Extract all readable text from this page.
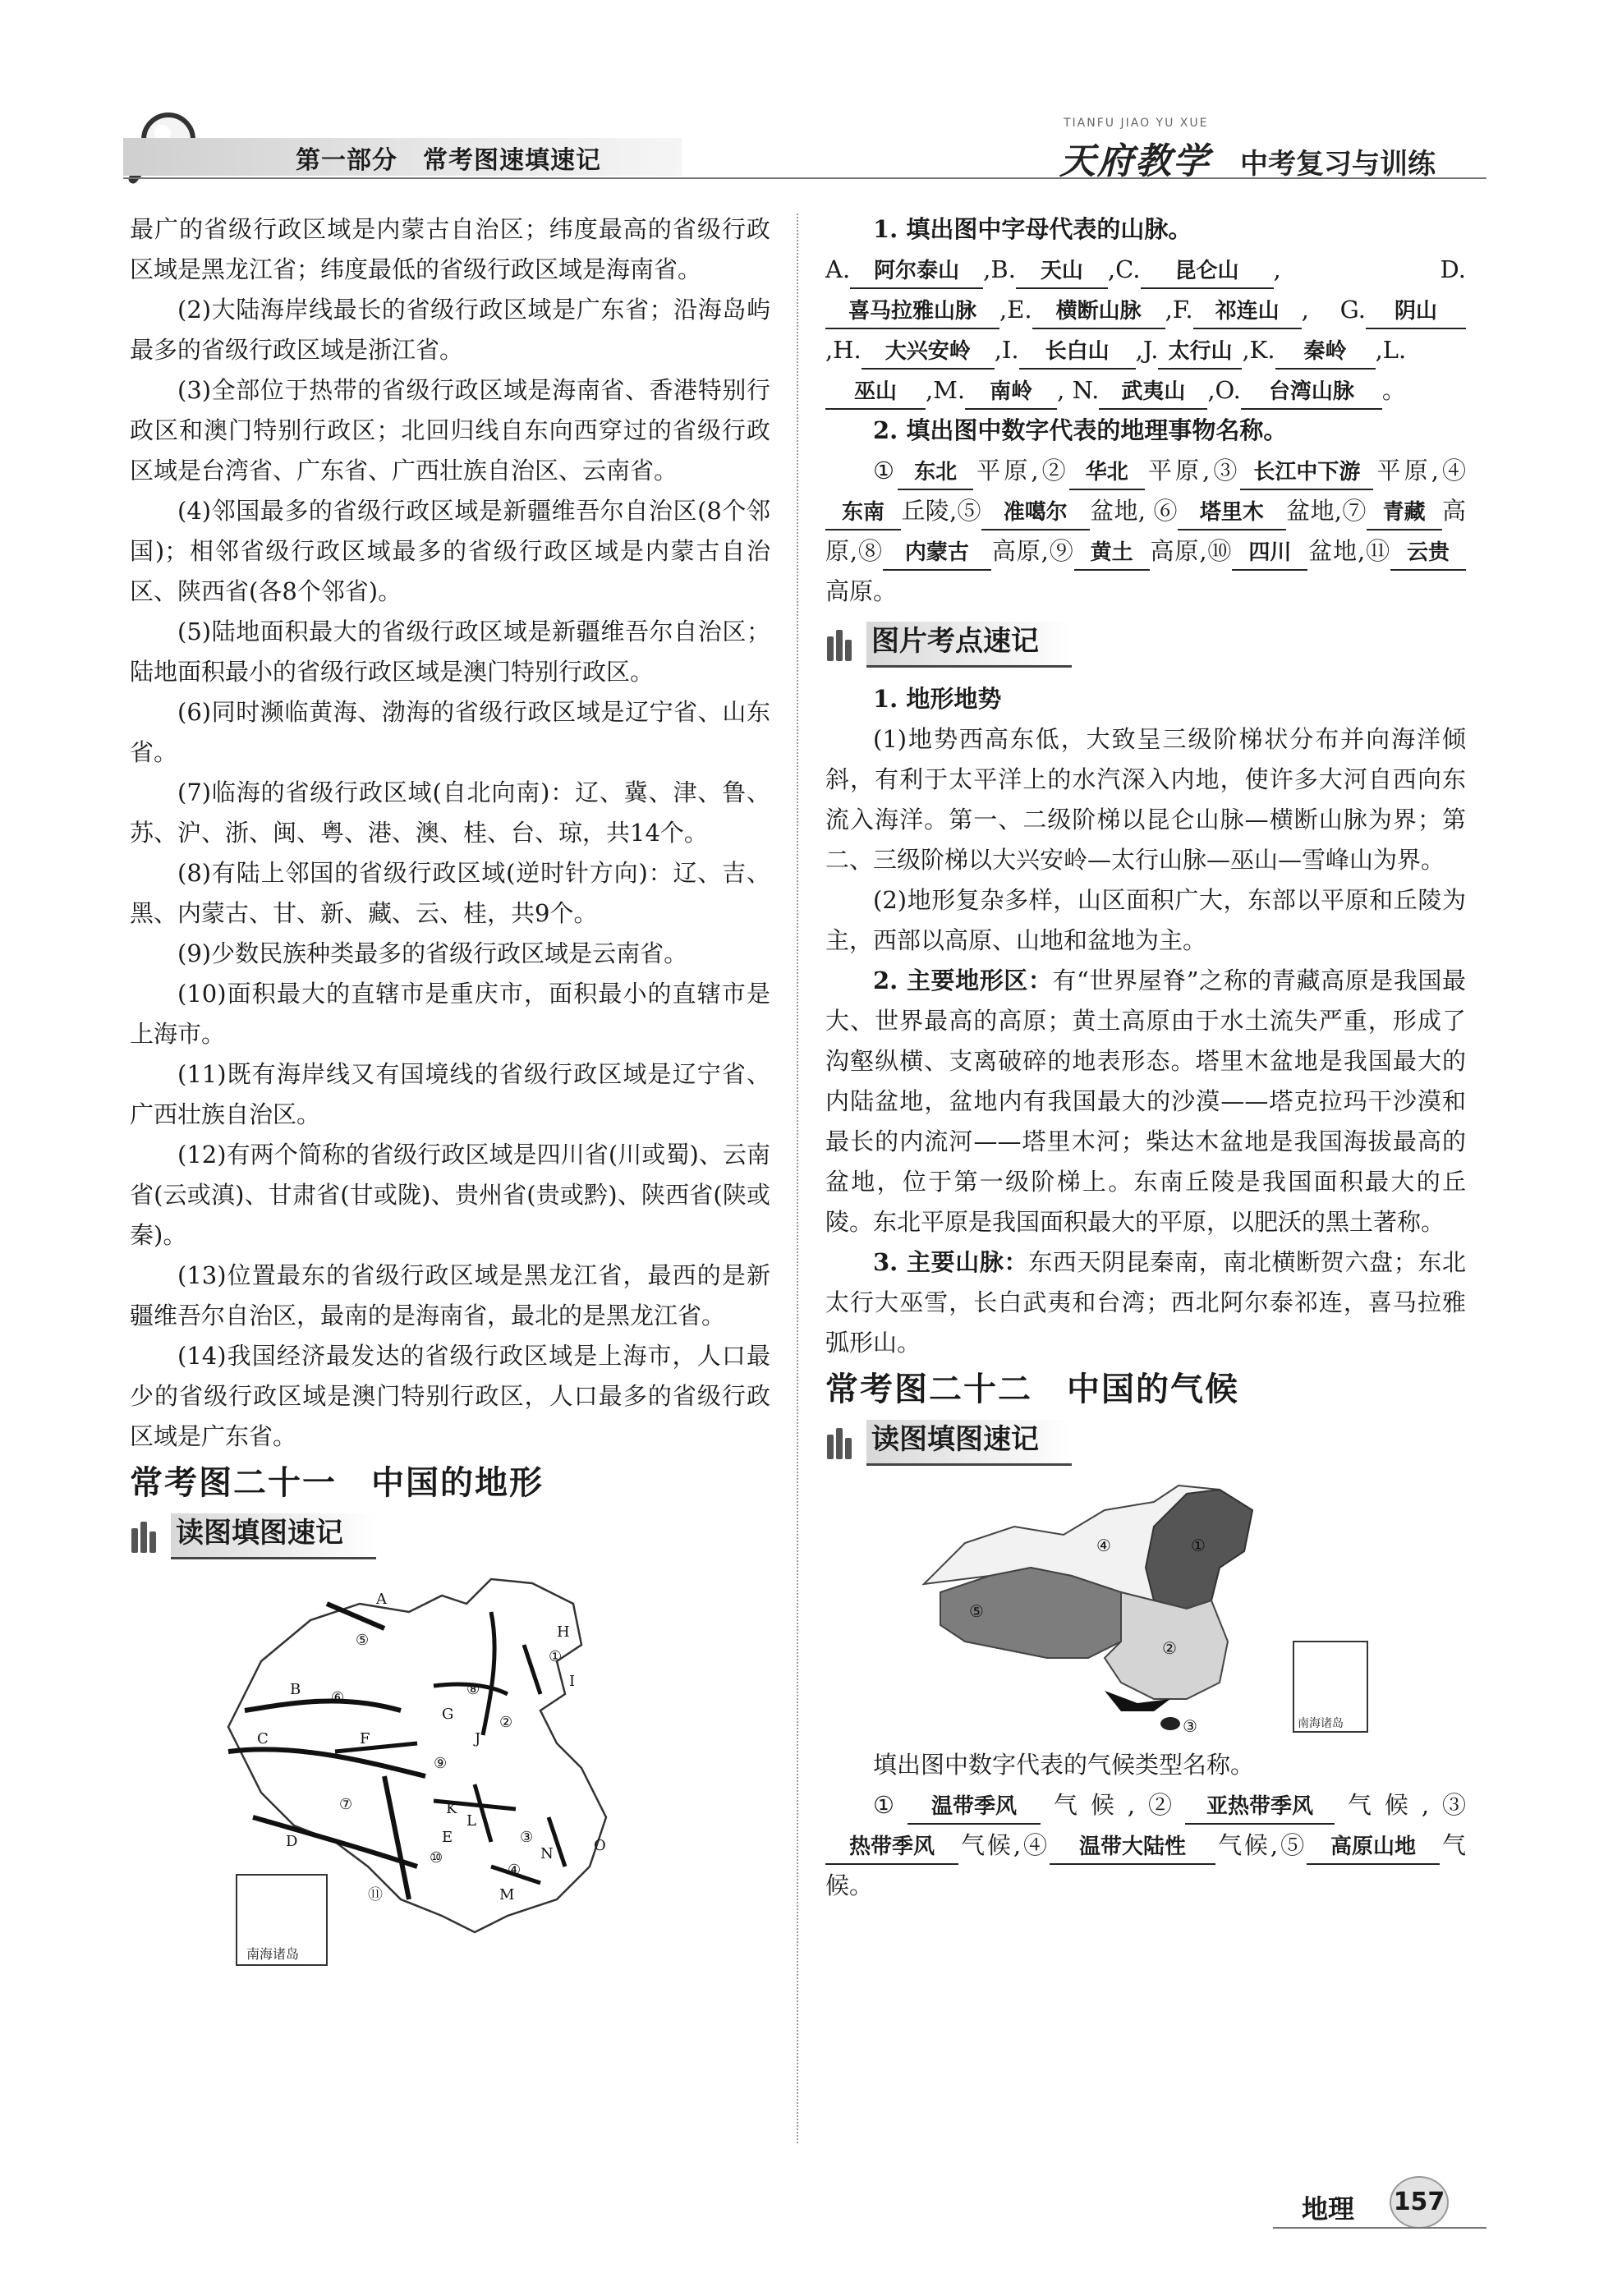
第一部分　常考图速填速记
TIANFU JIAO YU XUE
天府教学 中考复习与训练

最广的省级行政区域是内蒙古自治区；纬度最高的省级行政区域是黑龙江省；纬度最低的省级行政区域是海南省。

(2)大陆海岸线最长的省级行政区域是广东省；沿海岛屿最多的省级行政区域是浙江省。

(3)全部位于热带的省级行政区域是海南省、香港特别行政区和澳门特别行政区；北回归线自东向西穿过的省级行政区域是台湾省、广东省、广西壮族自治区、云南省。

(4)邻国最多的省级行政区域是新疆维吾尔自治区(8个邻国)；相邻省级行政区域最多的省级行政区域是内蒙古自治区、陕西省(各8个邻省)。

(5)陆地面积最大的省级行政区域是新疆维吾尔自治区；陆地面积最小的省级行政区域是澳门特别行政区。

(6)同时濒临黄海、渤海的省级行政区域是辽宁省、山东省。

(7)临海的省级行政区域(自北向南)：辽、冀、津、鲁、苏、沪、浙、闽、粤、港、澳、桂、台、琼，共14个。

(8)有陆上邻国的省级行政区域(逆时针方向)：辽、吉、黑、内蒙古、甘、新、藏、云、桂，共9个。

(9)少数民族种类最多的省级行政区域是云南省。

(10)面积最大的直辖市是重庆市，面积最小的直辖市是上海市。

(11)既有海岸线又有国境线的省级行政区域是辽宁省、广西壮族自治区。

(12)有两个简称的省级行政区域是四川省(川或蜀)、云南省(云或滇)、甘肃省(甘或陇)、贵州省(贵或黔)、陕西省(陕或秦)。

(13)位置最东的省级行政区域是黑龙江省，最西的是新疆维吾尔自治区，最南的是海南省，最北的是黑龙江省。

(14)我国经济最发达的省级行政区域是上海市，人口最少的省级行政区域是澳门特别行政区，人口最多的省级行政区域是广东省。

常考图二十一　中国的地形
读图填图速记
A
B
C
D	E
F
G
H
I
J
K
L
M
N	O
⑤
⑥
⑦
⑧
⑨
⑩
⑪
①
②
③
④
南海诸岛

1. 填出图中字母代表的山脉。

A. 阿尔泰山 ,B. 天山 ,C. 昆仑山 , D.喜马拉雅山脉 ,E. 横断山脉 ,F. 祁连山 , G. 阴山,H. 大兴安岭 ,I. 长白山 ,J. 太行山 ,K. 秦岭 ,L.巫山 ,M. 南岭 , N. 武夷山 ,O. 台湾山脉 。

2. 填出图中数字代表的地理事物名称。

① 东北 平原,② 华北 平原,③ 长江中下游 平原,④东南 丘陵,⑤ 准噶尔 盆地, ⑥ 塔里木 盆地,⑦ 青藏 高原,⑧ 内蒙古 高原,⑨ 黄土 高原,⑩ 四川 盆地,⑪ 云贵高原。

图片考点速记

1. 地形地势

(1)地势西高东低，大致呈三级阶梯状分布并向海洋倾斜，有利于太平洋上的水汽深入内地，使许多大河自西向东流入海洋。第一、二级阶梯以昆仑山脉—横断山脉为界；第二、三级阶梯以大兴安岭—太行山脉—巫山—雪峰山为界。

(2)地形复杂多样，山区面积广大，东部以平原和丘陵为主，西部以高原、山地和盆地为主。

2. 主要地形区：有“世界屋脊”之称的青藏高原是我国最大、世界最高的高原；黄土高原由于水土流失严重，形成了沟壑纵横、支离破碎的地表形态。塔里木盆地是我国最大的内陆盆地，盆地内有我国最大的沙漠——塔克拉玛干沙漠和最长的内流河——塔里木河；柴达木盆地是我国海拔最高的盆地，位于第一级阶梯上。东南丘陵是我国面积最大的丘陵。东北平原是我国面积最大的平原，以肥沃的黑土著称。

3. 主要山脉：东西天阴昆秦南，南北横断贺六盘；东北太行大巫雪，长白武夷和台湾；西北阿尔泰祁连，喜马拉雅弧形山。

常考图二十二　中国的气候
读图填图速记
①
②
③
④
⑤
南海诸岛

填出图中数字代表的气候类型名称。

① 温带季风 气候,② 亚热带季风 气候,③热带季风 气候,④ 温带大陆性 气候,⑤ 高原山地 气候。

地理 157
